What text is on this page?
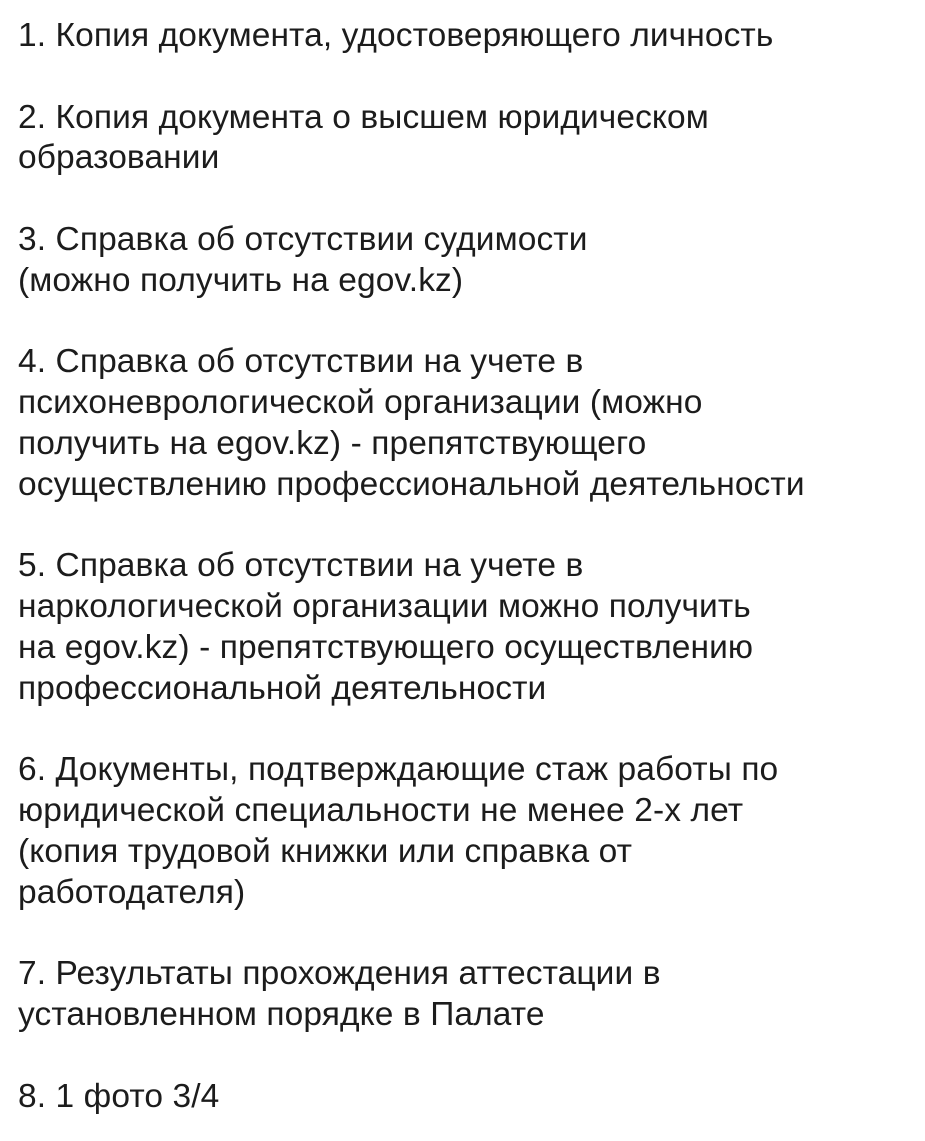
1. Копия документа, удостоверяющего личность
2. Копия документа о высшем юридическом
образовании
3. Справка об отсутствии судимости
(можно получить на egov.kz)
4. Справка об отсутствии на учете в
психоневрологической организации (можно
получить на egov.kz) - препятствующего
осуществлению профессиональной деятельности
5. Справка об отсутствии на учете в
наркологической организации можно получить
на egov.kz) - препятствующего осуществлению
профессиональной деятельности
6. Документы, подтверждающие стаж работы по
юридической специальности не менее 2-х лет
(копия трудовой книжки или справка от
работодателя)
7. Результаты прохождения аттестации в
установленном порядке в Палате
8. 1 фото 3/4
